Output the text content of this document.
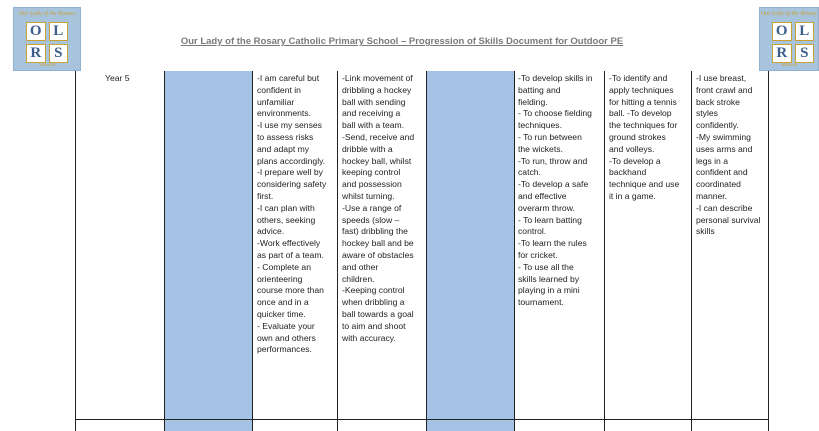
Our Lady of the Rosary
O L
R S
Schools
Our Lady of the Rosary
O L
R S
Schools
Our Lady of the Rosary Catholic Primary School – Progression of Skills Document for Outdoor PE
Year 5	-I am careful but
confident in
unfamiliar
environments.
-I use my senses
to assess risks
and adapt my
plans accordingly.
-I prepare well by
considering safety
first.
-I can plan with
others, seeking
advice.
-Work effectively
as part of a team.
- Complete an
orienteering
course more than
once and in a
quicker time.
- Evaluate your
own and others
performances.
-Link movement of
dribbling a hockey
ball with sending
and receiving a
ball with a team.
-Send, receive and
dribble with a
hockey ball, whilst
keeping control
and possession
whilst turning.
-Use a range of
speeds (slow –
fast) dribbling the
hockey ball and be
aware of obstacles
and other
children.
-Keeping control
when dribbling a
ball towards a goal
to aim and shoot
with accuracy.
-To develop skills in
batting and
fielding.
- To choose fielding
techniques.
- To run between
the wickets.
-To run, throw and
catch.
-To develop a safe
and effective
overarm throw.
- To learn batting
control.
-To learn the rules
for cricket.
- To use all the
skills learned by
playing in a mini
tournament.
-To identify and
apply techniques
for hitting a tennis
ball. -To develop
the techniques for
ground strokes
and volleys.
-To develop a
backhand
technique and use
it in a game.
-I use breast,
front crawl and
back stroke
styles
confidently.
-My swimming
uses arms and
legs in a
confident and
coordinated
manner.
-I can describe
personal survival
skills
